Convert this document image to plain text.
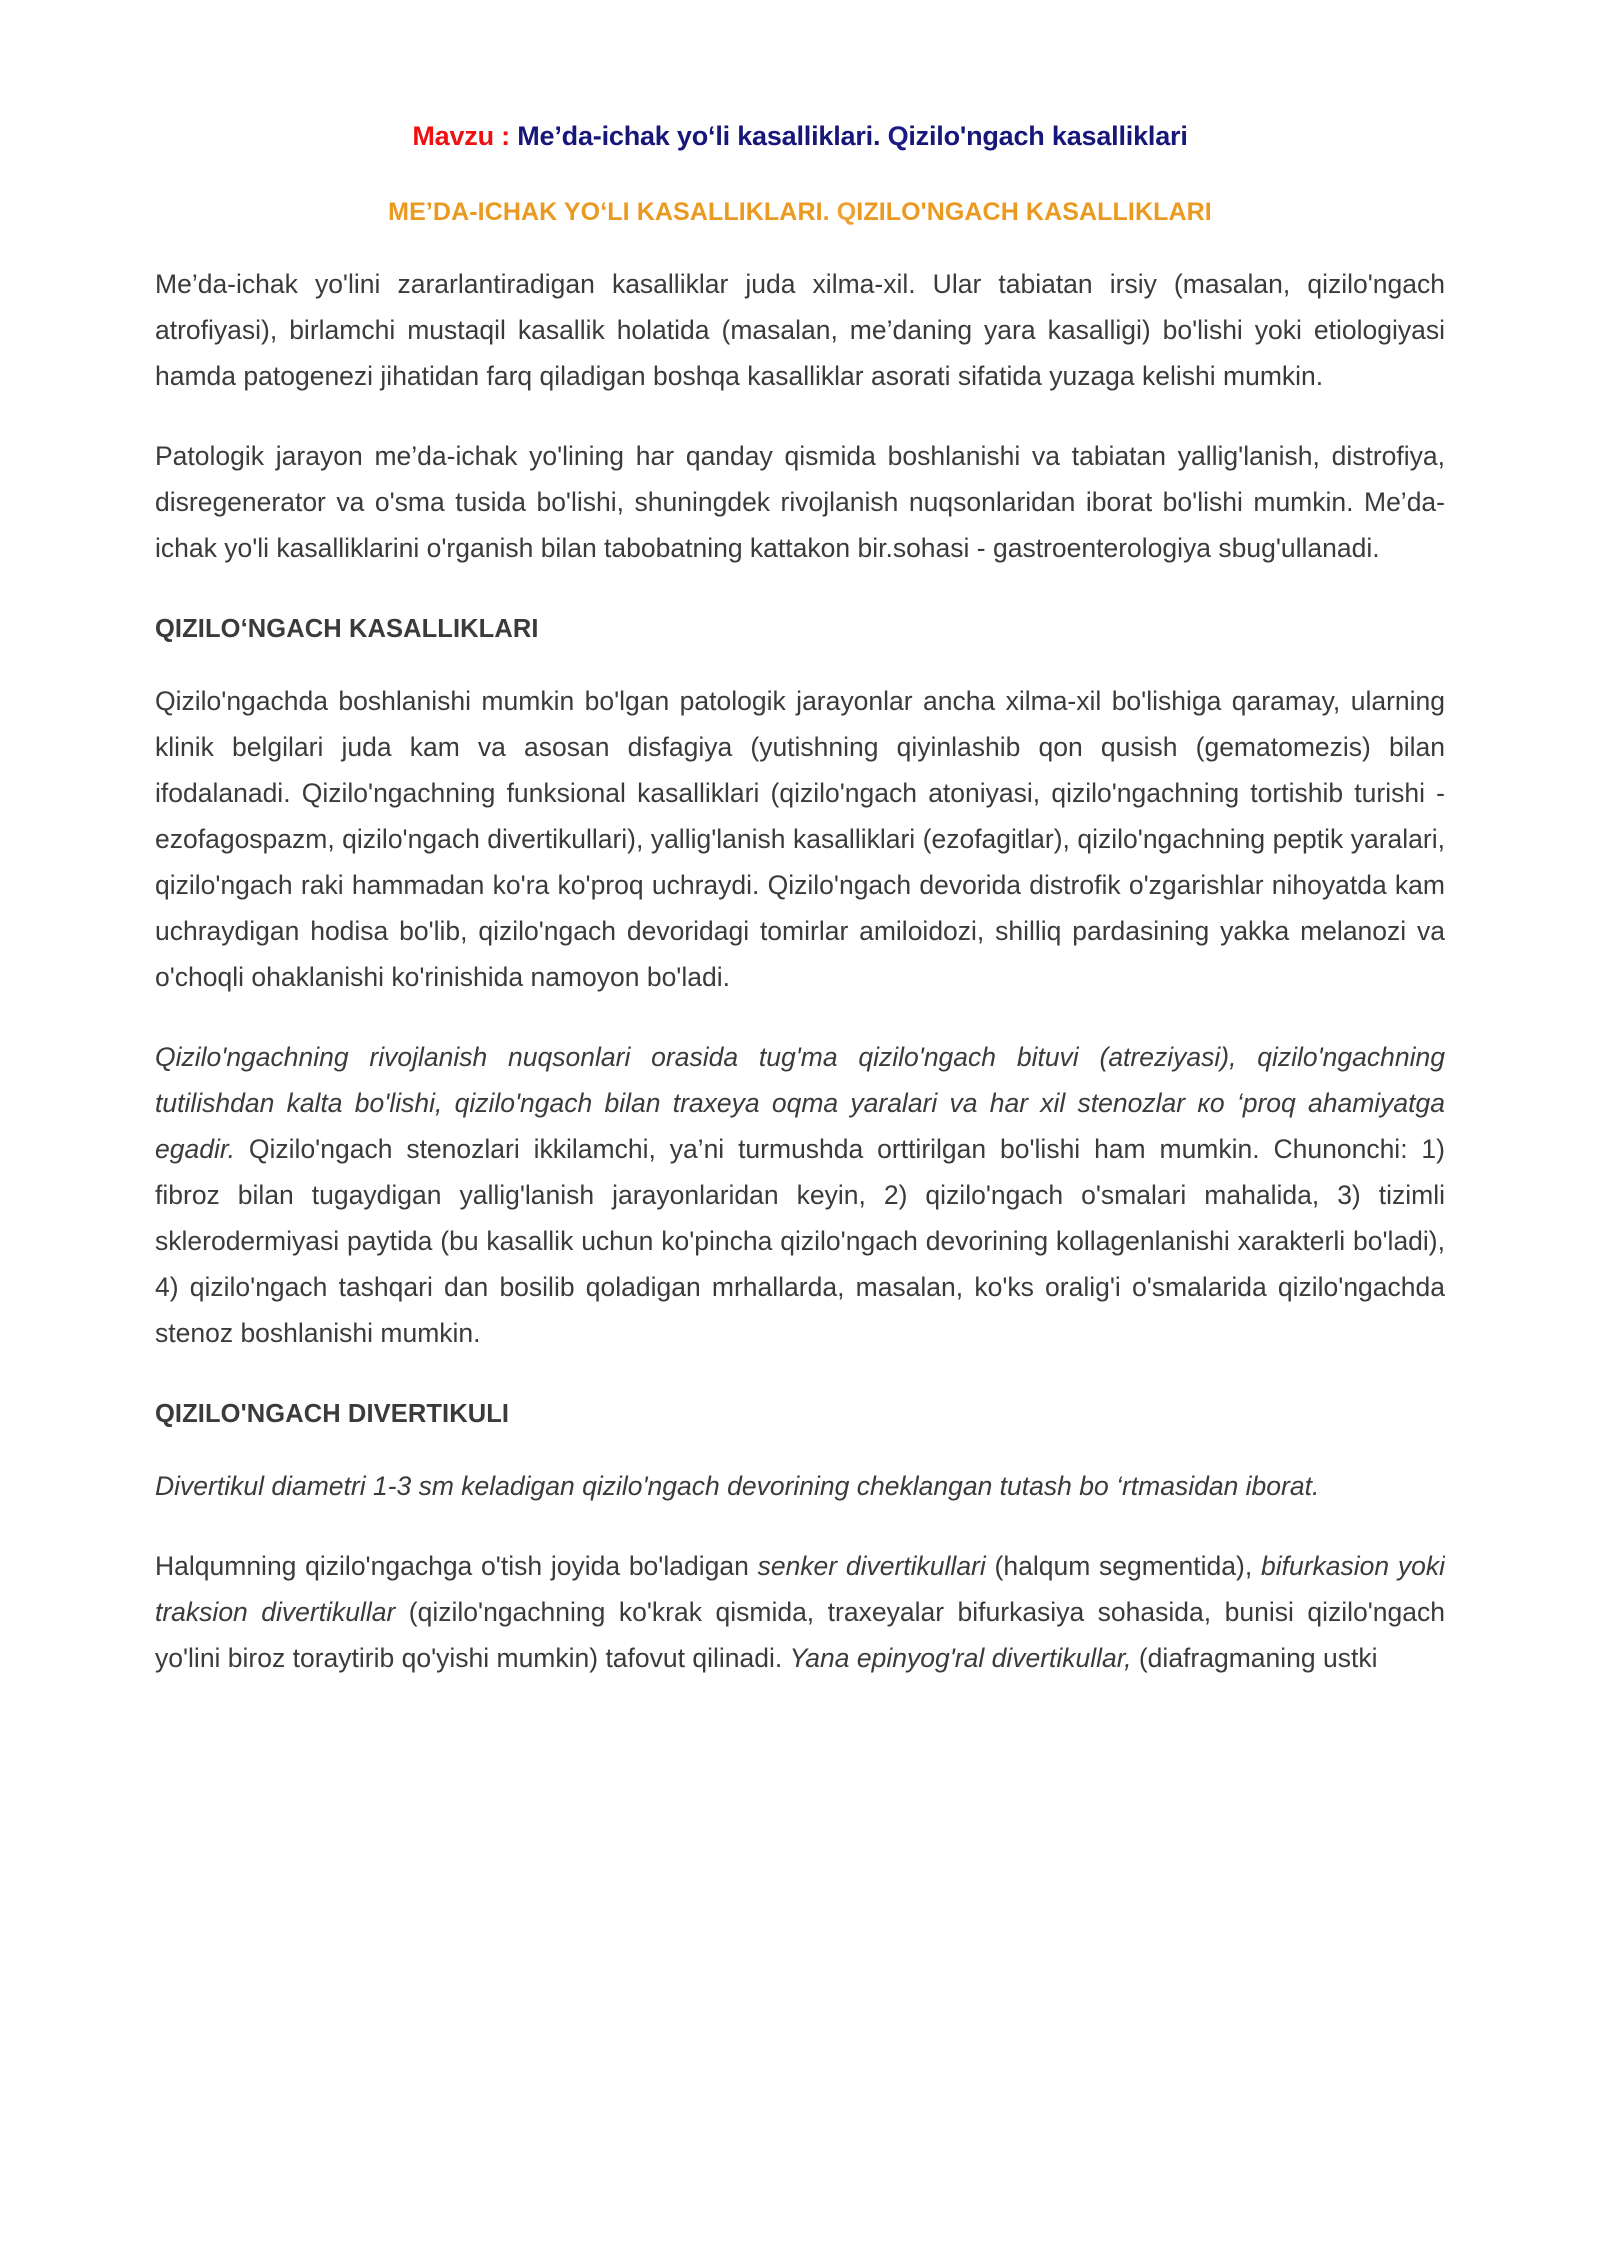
Mavzu : Me’da-ichak yo‘li kasalliklari. Qizilo'ngach kasalliklari
ME’DA-ICHAK YO‘LI KASALLIKLARI. QIZILO'NGACH KASALLIKLARI

Me’da-ichak yo'lini zararlantiradigan kasalliklar juda xilma-xil. Ular tabiatan irsiy (masalan, qizilo'ngach atrofiyasi), birlamchi mustaqil kasallik holatida (masalan, me’daning yara kasalligi) bo'lishi yoki etiologiyasi hamda patogenezi jihatidan farq qiladigan boshqa kasalliklar asorati sifatida yuzaga kelishi mumkin.

Patologik jarayon me’da-ichak yo'lining har qanday qismida boshlanishi va tabiatan yallig'lanish, distrofiya, disregenerator va o'sma tusida bo'lishi, shuningdek rivojlanish nuqsonlaridan iborat bo'lishi mumkin. Me’da-ichak yo'li kasalliklarini o'rganish bilan tabobatning kattakon bir.sohasi - gastroenterologiya sbug'ullanadi.

QIZILO‘NGACH KASALLIKLARI

Qizilo'ngachda boshlanishi mumkin bo'lgan patologik jarayonlar ancha xilma-xil bo'lishiga qaramay, ularning klinik belgilari juda kam va asosan disfagiya (yutishning qiyinlashib qon qusish (gematomezis) bilan ifodalanadi. Qizilo'ngachning funksional kasalliklari (qizilo'ngach atoniyasi, qizilo'ngachning tortishib turishi - ezofagospazm, qizilo'ngach divertikullari), yallig'lanish kasalliklari (ezofagitlar), qizilo'ngachning peptik yaralari, qizilo'ngach raki hammadan ko'ra ko'proq uchraydi. Qizilo'ngach devorida distrofik o'zgarishlar nihoyatda kam uchraydigan hodisa bo'lib, qizilo'ngach devoridagi tomirlar amiloidozi, shilliq pardasining yakka melanozi va o'choqli ohaklanishi ko'rinishida namoyon bo'ladi.

Qizilo'ngachning rivojlanish nuqsonlari orasida tug'ma qizilo'ngach bituvi (atreziyasi), qizilo'ngachning tutilishdan kalta bo'lishi, qizilo'ngach bilan traxeya oqma yaralari va har xil stenozlar ко ‘proq ahamiyatga egadir. Qizilo'ngach stenozlari ikkilamchi, ya’ni turmushda orttirilgan bo'lishi ham mumkin. Chunonchi: 1) fibroz bilan tugaydigan yallig'lanish jarayonlaridan keyin, 2) qizilo'ngach o'smalari mahalida, 3) tizimli sklerodermiyasi paytida (bu kasallik uchun ko'pincha qizilo'ngach devorining kollagenlanishi xarakterli bo'ladi), 4) qizilo'ngach tashqari dan bosilib qoladigan mrhallarda, masalan, ko'ks oralig'i o'smalarida qizilo'ngachda stenoz boshlanishi mumkin.

QIZILO'NGACH DIVERTIKULI

Divertikul diametri 1-3 sm keladigan qizilo'ngach devorining cheklangan tutash bo ‘rtmasidan iborat.

Halqumning qizilo'ngachga o'tish joyida bo'ladigan senker divertikullari (halqum segmentida), bifurkasion yoki traksion divertikullar (qizilo'ngachning ko'krak qismida, traxeyalar bifurkasiya sohasida, bunisi qizilo'ngach yo'lini biroz toraytirib qo'yishi mumkin) tafovut qilinadi. Yana epinyog'ral divertikullar, (diafragmaning ustki
